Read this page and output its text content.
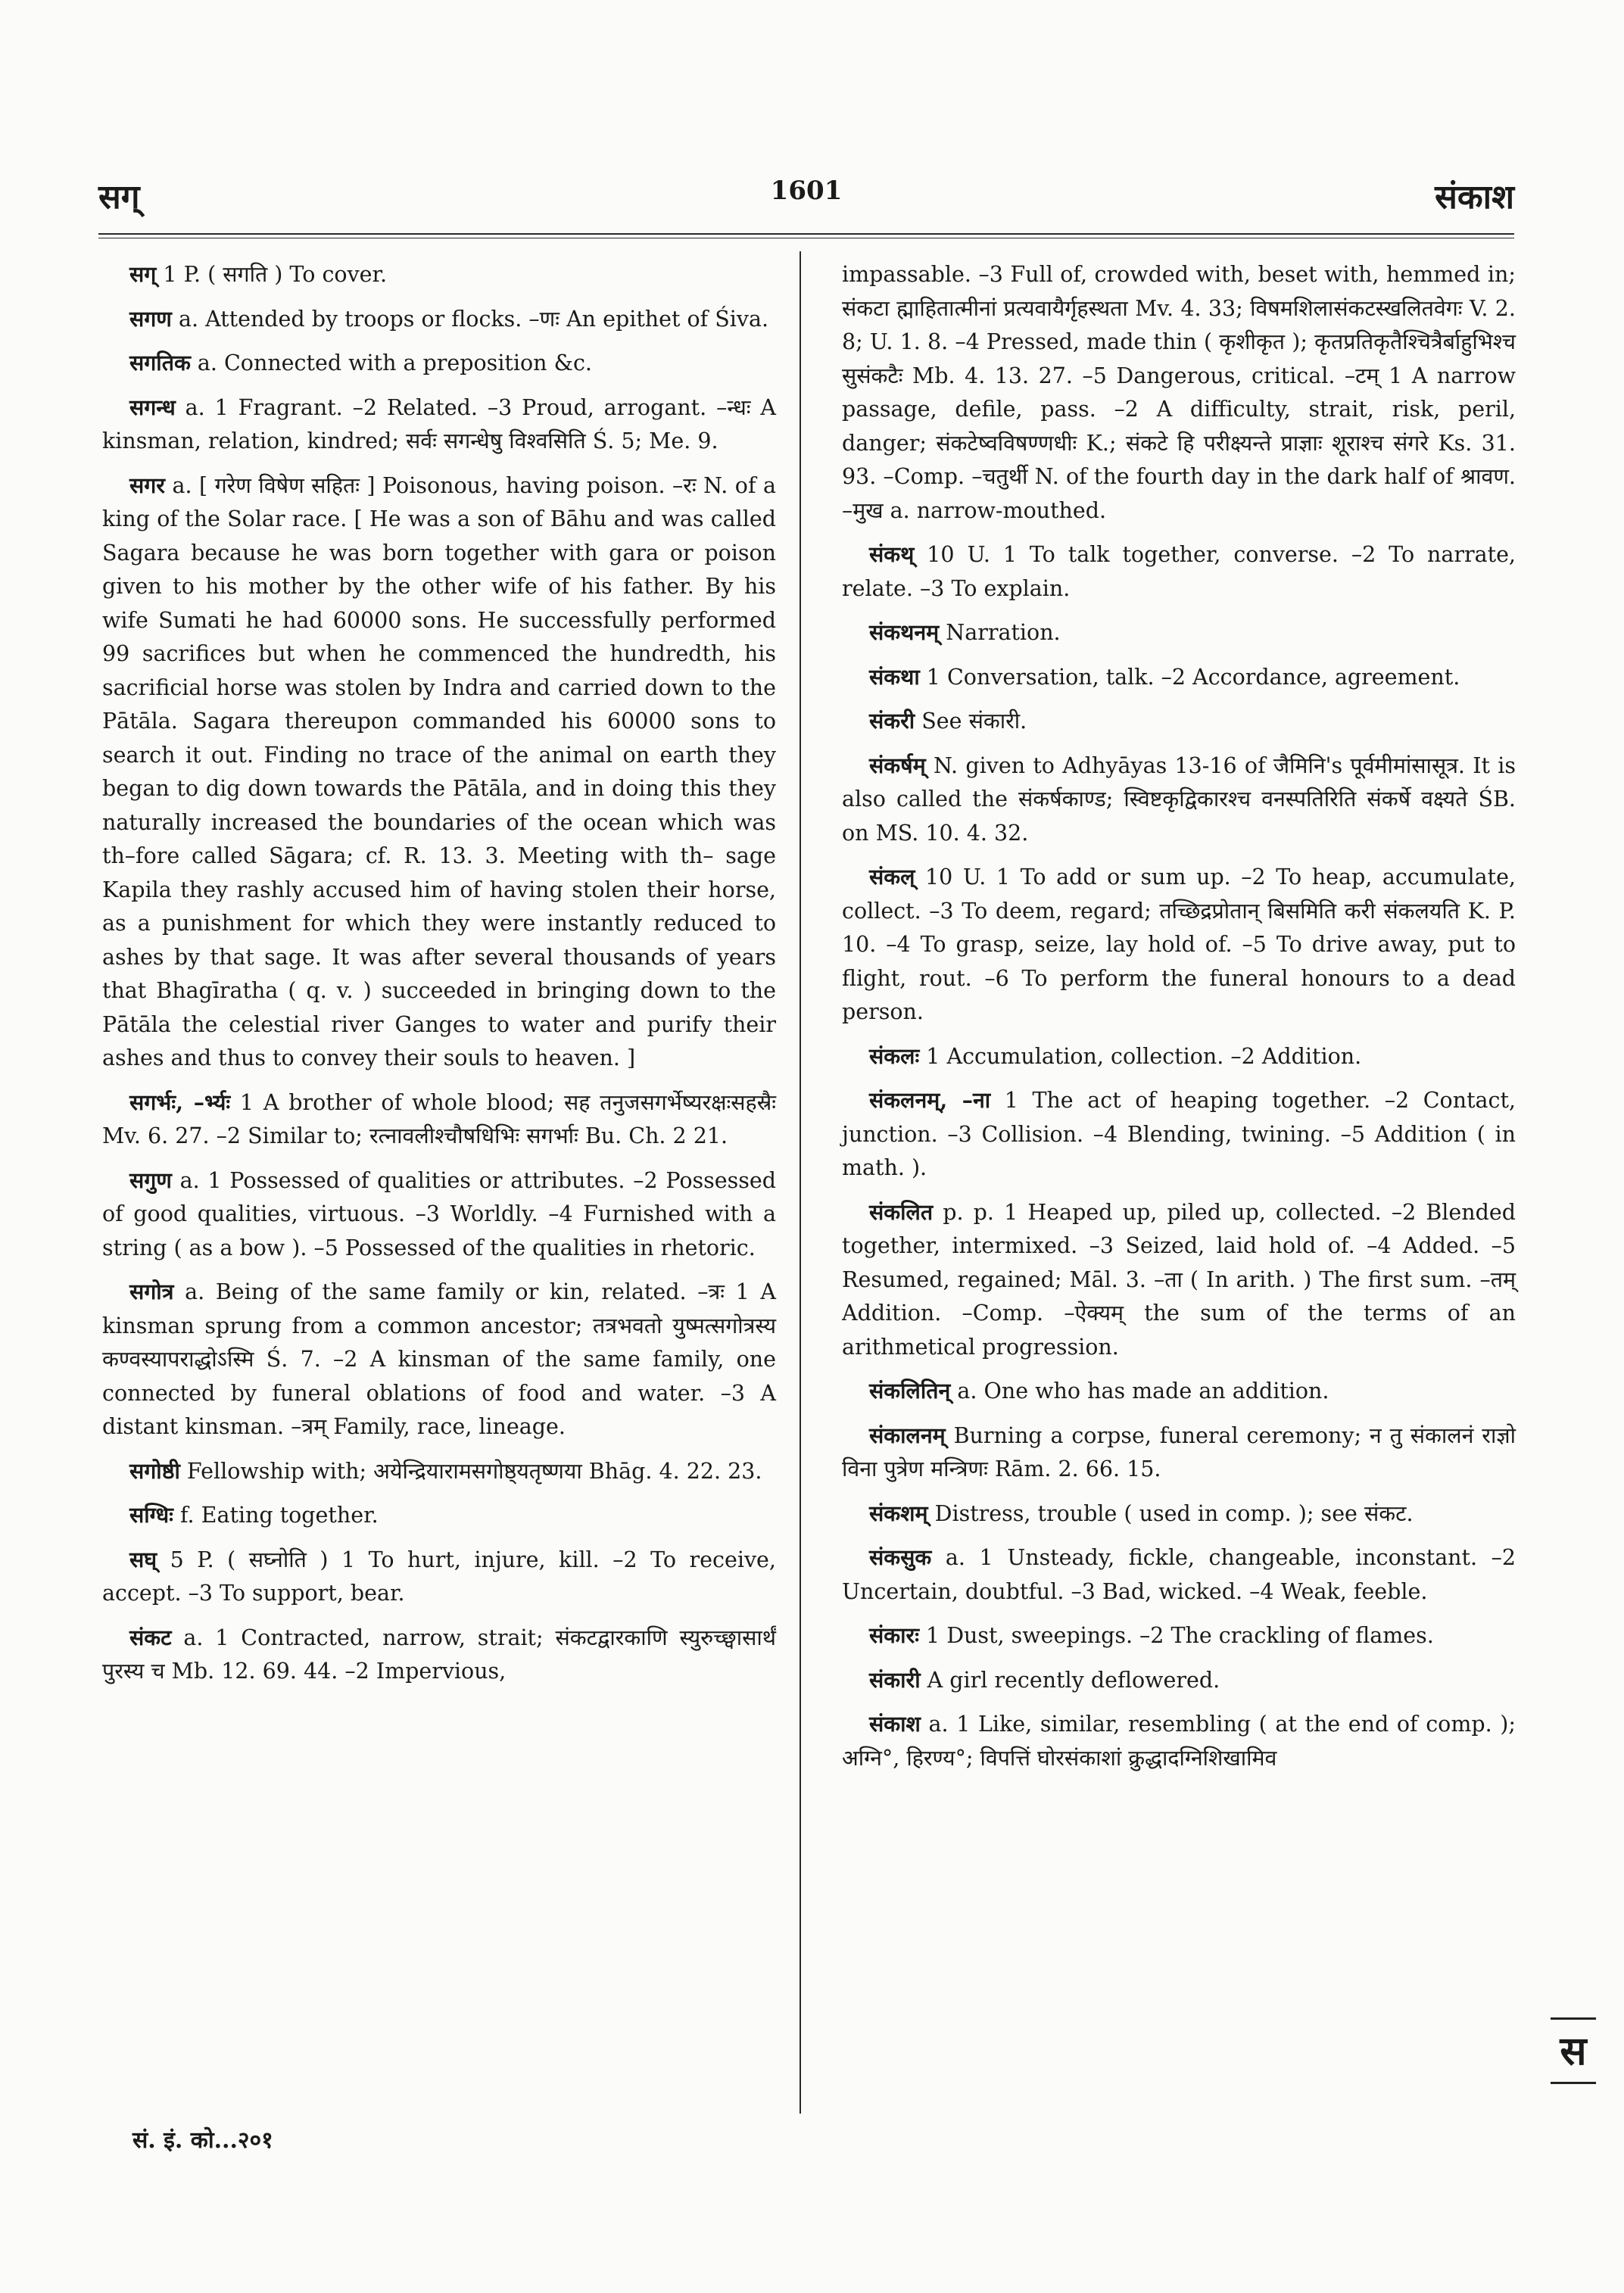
सग्	1601	संकाश

सग् 1 P. ( सगति ) To cover.

सगण a. Attended by troops or flocks. –णः An epithet of Śiva.

सगतिक a. Connected with a preposition &c.

सगन्ध a. 1 Fragrant. –2 Related. –3 Proud, arrogant. –न्धः A kinsman, relation, kindred; सर्वः सगन्धेषु विश्वसिति Ś. 5; Me. 9.

सगर a. [ गरेण विषेण सहितः ] Poisonous, having poison. –रः N. of a king of the Solar race. [ He was a son of Bāhu and was called Sagara because he was born together with gara or poison given to his mother by the other wife of his father. By his wife Sumati he had 60000 sons. He successfully performed 99 sacrifices but when he commenced the hundredth, his sacrificial horse was stolen by Indra and carried down to the Pātāla. Sagara thereupon commanded his 60000 sons to search it out. Finding no trace of the animal on earth they began to dig down towards the Pātāla, and in doing this they naturally increased the boundaries of the ocean which was th–fore called Sāgara; cf. R. 13. 3. Meeting with th– sage Kapila they rashly accused him of having stolen their horse, as a punishment for which they were instantly reduced to ashes by that sage. It was after several thousands of years that Bhagīratha ( q. v. ) succeeded in bringing down to the Pātāla the celestial river Ganges to water and purify their ashes and thus to convey their souls to heaven. ]

सगर्भः, –र्भ्यः 1 A brother of whole blood; सह तनुजसगर्भेष्यरक्षःसहस्रैः Mv. 6. 27. –2 Similar to; रत्नावलीश्चौषधिभिः सगर्भाः Bu. Ch. 2 21.

सगुण a. 1 Possessed of qualities or attributes. –2 Possessed of good qualities, virtuous. –3 Worldly. –4 Furnished with a string ( as a bow ). –5 Possessed of the qualities in rhetoric.

सगोत्र a. Being of the same family or kin, related. –त्रः 1 A kinsman sprung from a common ancestor; तत्रभवतो युष्मत्सगोत्रस्य कण्वस्यापराद्धोऽस्मि Ś. 7. –2 A kinsman of the same family, one connected by funeral oblations of food and water. –3 A distant kinsman. –त्रम् Family, race, lineage.

सगोष्ठी Fellowship with; अयेन्द्रियारामसगोष्ठ्यतृष्णया Bhāg. 4. 22. 23.

सग्धिः f. Eating together.

सघ् 5 P. ( सघ्नोति ) 1 To hurt, injure, kill. –2 To receive, accept. –3 To support, bear.

संकट a. 1 Contracted, narrow, strait; संकटद्वारकाणि स्युरुच्छ्वासार्थं पुरस्य च Mb. 12. 69. 44. –2 Impervious,

impassable. –3 Full of, crowded with, beset with, hemmed in; संकटा ह्माहितात्मीनां प्रत्यवायैर्गृहस्थता Mv. 4. 33; विषमशिलासंकटस्खलितवेगः V. 2. 8; U. 1. 8. –4 Pressed, made thin ( कृशीकृत ); कृतप्रतिकृतैश्चित्रैर्बाहुभिश्च सुसंकटैः Mb. 4. 13. 27. –5 Dangerous, critical. –टम् 1 A narrow passage, defile, pass. –2 A difficulty, strait, risk, peril, danger; संकटेष्वविषण्णधीः K.; संकटे हि परीक्ष्यन्ते प्राज्ञाः शूराश्च संगरे Ks. 31. 93. –Comp. –चतुर्थी N. of the fourth day in the dark half of श्रावण. –मुख a. narrow-mouthed.

संकथ् 10 U. 1 To talk together, converse. –2 To narrate, relate. –3 To explain.

संकथनम् Narration.

संकथा 1 Conversation, talk. –2 Accordance, agreement.

संकरी See संकारी.

संकर्षम् N. given to Adhyāyas 13-16 of जैमिनि's पूर्वमीमांसासूत्र. It is also called the संकर्षकाण्ड; स्विष्टकृद्विकारश्च वनस्पतिरिति संकर्षे वक्ष्यते ŚB. on MS. 10. 4. 32.

संकल् 10 U. 1 To add or sum up. –2 To heap, accumulate, collect. –3 To deem, regard; तच्छिद्रप्रोतान् बिसमिति करी संकलयति K. P. 10. –4 To grasp, seize, lay hold of. –5 To drive away, put to flight, rout. –6 To perform the funeral honours to a dead person.

संकलः 1 Accumulation, collection. –2 Addition.

संकलनम्, –ना 1 The act of heaping together. –2 Contact, junction. –3 Collision. –4 Blending, twining. –5 Addition ( in math. ).

संकलित p. p. 1 Heaped up, piled up, collected. –2 Blended together, intermixed. –3 Seized, laid hold of. –4 Added. –5 Resumed, regained; Māl. 3. –ता ( In arith. ) The first sum. –तम् Addition. –Comp. –ऐक्यम् the sum of the terms of an arithmetical progression.

संकलितिन् a. One who has made an addition.

संकालनम् Burning a corpse, funeral ceremony; न तु संकालनं राज्ञो विना पुत्रेण मन्त्रिणः Rām. 2. 66. 15.

संकशम् Distress, trouble ( used in comp. ); see संकट.

संकसुक a. 1 Unsteady, fickle, changeable, inconstant. –2 Uncertain, doubtful. –3 Bad, wicked. –4 Weak, feeble.

संकारः 1 Dust, sweepings. –2 The crackling of flames.

संकारी A girl recently deflowered.

संकाश a. 1 Like, similar, resembling ( at the end of comp. ); अग्नि°, हिरण्य°; विपत्तिं घोरसंकाशां क्रुद्धादग्निशिखामिव

सं. इं. को...२०१
स
